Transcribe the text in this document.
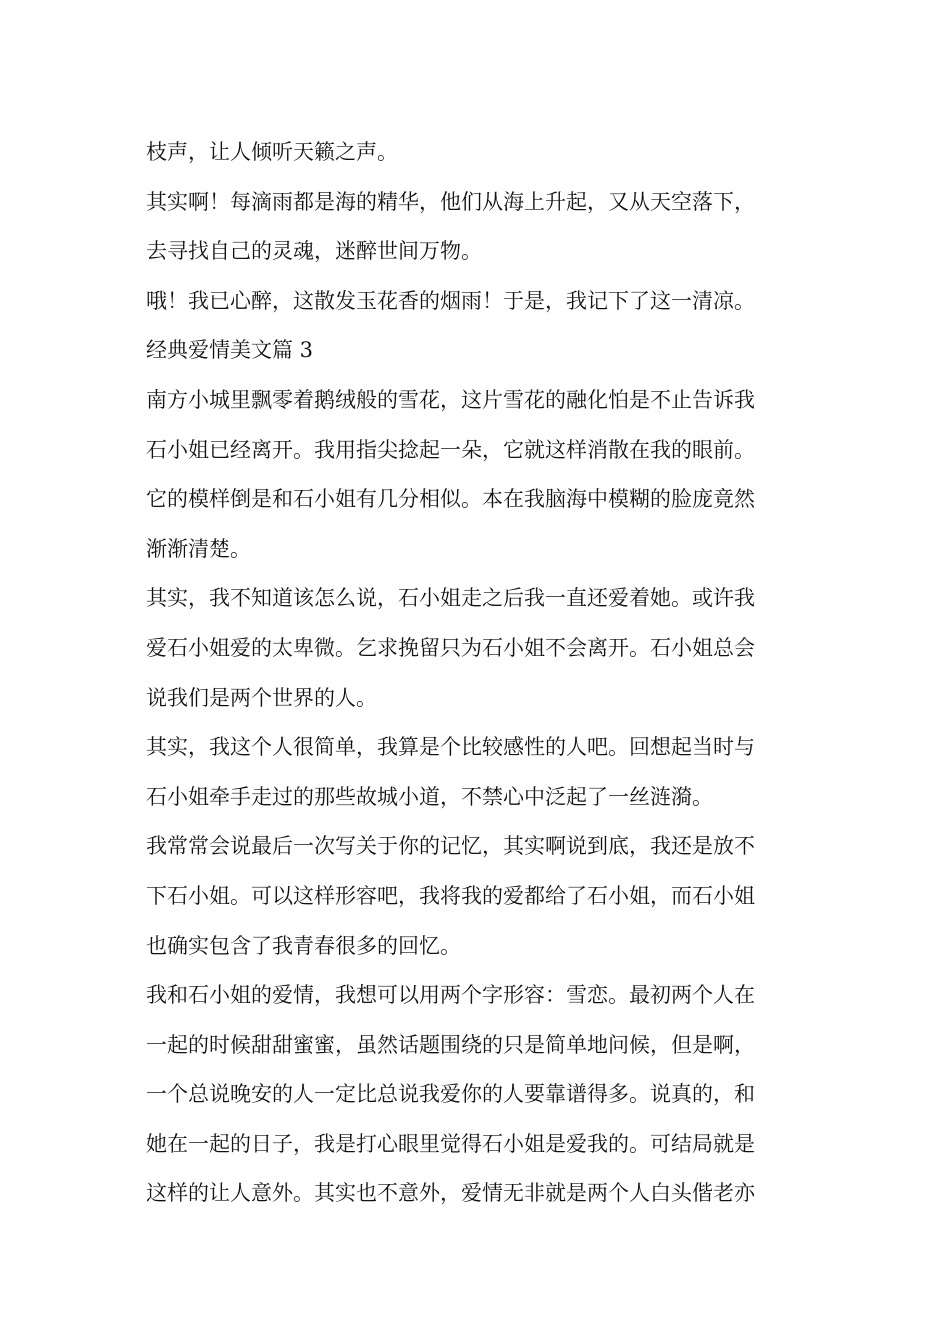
枝声，让人倾听天籁之声。

其实啊！每滴雨都是海的精华，他们从海上升起，又从天空落下，

去寻找自己的灵魂，迷醉世间万物。

哦！我已心醉，这散发玉花香的烟雨！于是，我记下了这一清凉。

经典爱情美文篇 3

南方小城里飘零着鹅绒般的雪花，这片雪花的融化怕是不止告诉我

石小姐已经离开。我用指尖捻起一朵，它就这样消散在我的眼前。

它的模样倒是和石小姐有几分相似。本在我脑海中模糊的脸庞竟然

渐渐清楚。

其实，我不知道该怎么说，石小姐走之后我一直还爱着她。或许我

爱石小姐爱的太卑微。乞求挽留只为石小姐不会离开。石小姐总会

说我们是两个世界的人。

其实，我这个人很简单，我算是个比较感性的人吧。回想起当时与

石小姐牵手走过的那些故城小道，不禁心中泛起了一丝涟漪。

我常常会说最后一次写关于你的记忆，其实啊说到底，我还是放不

下石小姐。可以这样形容吧，我将我的爱都给了石小姐，而石小姐

也确实包含了我青春很多的回忆。

我和石小姐的爱情，我想可以用两个字形容：雪恋。最初两个人在

一起的时候甜甜蜜蜜，虽然话题围绕的只是简单地问候，但是啊，

一个总说晚安的人一定比总说我爱你的人要靠谱得多。说真的，和

她在一起的日子，我是打心眼里觉得石小姐是爱我的。可结局就是

这样的让人意外。其实也不意外，爱情无非就是两个人白头偕老亦
